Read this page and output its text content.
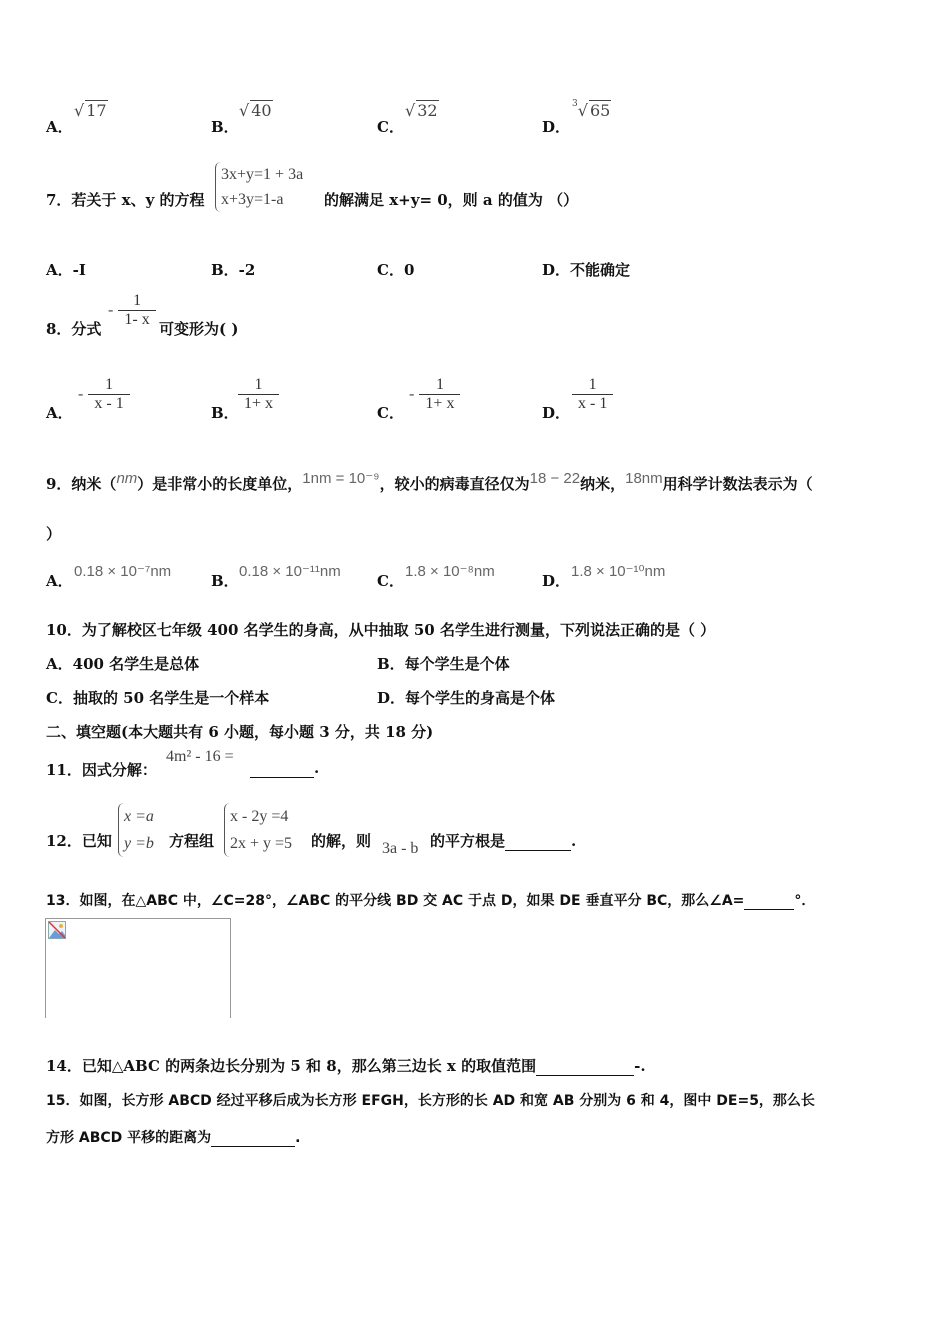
A．
√ 17
B．
√ 40
C．
√ 32
D．
$^3$√ 65
7．若关于 x、y 的方程
3x+y=1 + 3a
x+3y=1-a	的解满足 x+y= 0，则 a 的值为 （）
A．-I	B．-2	C．0	D．不能确定
8．分式
- $\frac{1}{1- x}$ 可变形为( )
A．
- $\frac{1}{x - 1}$	B． $\frac{1}{1+ x}$	C．
- $\frac{1}{1+ x}$	D． $\frac{1}{x - 1}$
9．纳米（nm）是非常小的长度单位，1nm = 10⁻⁹，较小的病毒直径仅为18 − 22纳米，18nm用科学计数法表示为（
）
A．
0.18 × 10⁻⁷nm
B．
0.18 × 10⁻¹¹nm
C．
1.8 × 10⁻⁸nm
D．
1.8 × 10⁻¹⁰nm
10．为了解校区七年级 400 名学生的身高，从中抽取 50 名学生进行测量，下列说法正确的是（ ）
A．400 名学生是总体	B．每个学生是个体
C．抽取的 50 名学生是一个样本	D．每个学生的身高是个体
二、填空题(本大题共有 6 小题，每小题 3 分，共 18 分)
11．因式分解：
4m² - 16 =
.
12．已知
x =a
y =b 方程组
x - 2y =4
2x + y =5 的解，则 3a - b 的平方根是	.
13．如图，在△ABC 中，∠C=28°，∠ABC 的平分线 BD 交 AC 于点 D，如果 DE 垂直平分 BC，那么∠A=	°．
14．已知△ABC 的两条边长分别为 5 和 8，那么第三边长 x 的取值范围	-.
15．如图，长方形 ABCD 经过平移后成为长方形 EFGH，长方形的长 AD 和宽 AB 分别为 6 和 4，图中 DE=5，那么长
方形 ABCD 平移的距离为	.
